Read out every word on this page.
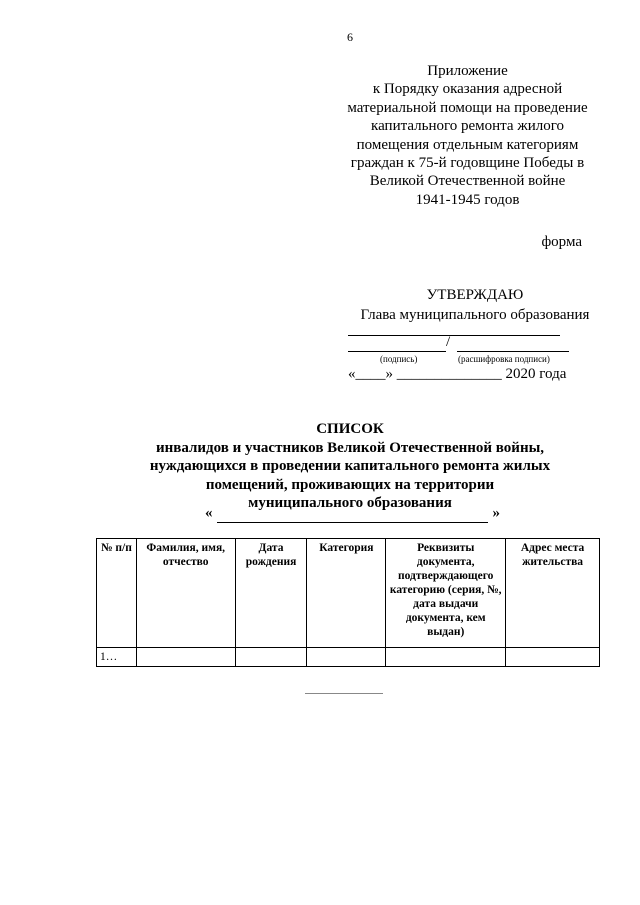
6
Приложение
к Порядку оказания адресной
материальной помощи на проведение
капитального ремонта жилого
помещения отдельным категориям
граждан к 75-й годовщине Победы в
Великой Отечественной войне
1941-1945 годов
форма
УТВЕРЖДАЮ
Глава муниципального образования
/
(подпись)	(расшифровка подписи)
«____» ______________ 2020 года
СПИСОК
инвалидов и участников Великой Отечественной войны,
нуждающихся в проведении капитального ремонта жилых
помещений, проживающих на территории
муниципального образования
«	»
№ п/п	Фамилия, имя, отчество	Дата рождения	Категория	Реквизиты документа, подтверждающего категорию (серия, №, дата выдачи документа, кем выдан)	Адрес места жительства
1…					
